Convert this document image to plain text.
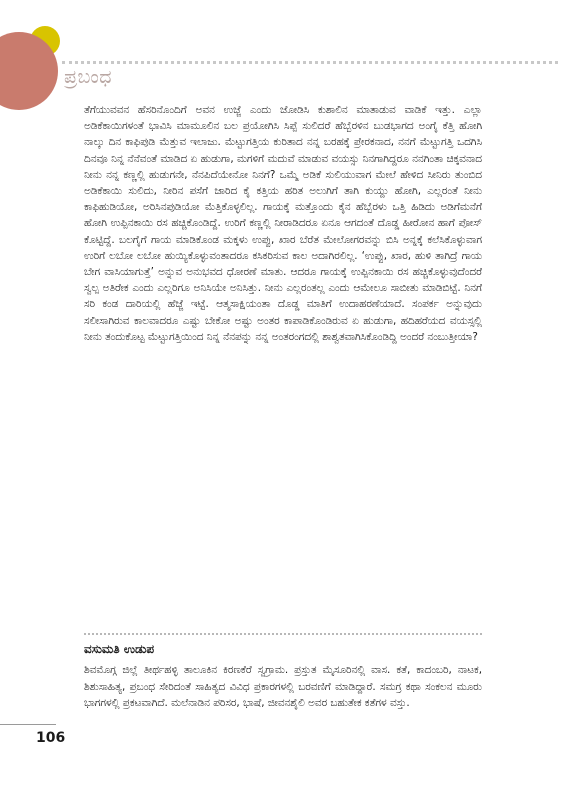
ಪ್ರಬಂಧ
ತೆಗೆಯುವವನ ಹೆಸರಿನೊಂದಿಗೆ ಅವನ ಉಜ್ಜೆ ಎಂದು ಜೋಡಿಸಿ ಕುಶಾಲಿನ ಮಾತಾಡುವ ವಾಡಿಕೆ ಇತ್ತು. ಎಲ್ಲಾ ಅಡಿಕೆಕಾಯಿಗಳಂತೆ ಭಾವಿಸಿ ಮಾಮೂಲಿನ ಬಲ ಪ್ರಯೋಗಿಸಿ ಸಿಪ್ಪೆ ಸುಲಿದರೆ ಹೆಬ್ಬೆರಳಿನ ಬುಡಭಾಗದ ಅಂಗೈ ಕೆತ್ತಿ ಹೋಗಿ ನಾಲ್ಕು ದಿನ ಕಾಫಿಪುಡಿ ಮೆತ್ತುವ ಇಲಾಜು. ಮೆಟ್ಟುಗತ್ತಿಯ ಕುರಿತಾದ ನನ್ನ ಬರಹಕ್ಕೆ ಪ್ರೇರಕನಾದ, ನನಗೆ ಮೆಟ್ಟುಗತ್ತಿ ಒದಗಿಸಿ ದಿನವೂ ನಿನ್ನ ನೆನೆವಂತೆ ಮಾಡಿದ ಏ ಹುಡುಗಾ, ಮಗಳಿಗೆ ಮದುವೆ ಮಾಡುವ ವಯಸ್ಸು ನಿನಗಾಗಿದ್ದರೂ ನನಗಿಂತಾ ಚಿಕ್ಕವನಾದ ನೀನು ನನ್ನ ಕಣ್ಣಲ್ಲಿ ಹುಡುಗನೇ, ನೆನಪಿದೆಯೇನೋ ನಿನಗೆ? ಒಮ್ಮೆ ಅಡಿಕೆ ಸುಲಿಯುವಾಗ ಮೇಲೆ ಹೇಳಿದ ಸೀನಿರು ತುಂಬಿದ ಅಡಿಕೆಕಾಯಿ ಸುಲಿದು, ನೀರಿನ ಪಸೆಗೆ ಜಾರಿದ ಕೈ ಕತ್ತಿಯ ಹರಿತ ಅಲುಗಿಗೆ ತಾಗಿ ಕುಯ್ದು ಹೋಗಿ, ಎಲ್ಲರಂತೆ ನೀನು ಕಾಫಿಹುಡಿಯೋ, ಅರಿಸಿನಪುಡಿಯೋ ಮೆತ್ತಿಕೊಳ್ಳಲಿಲ್ಲ. ಗಾಯಕ್ಕೆ ಮತ್ತೊಂದು ಕೈನ ಹೆಬ್ಬೆರಳು ಒತ್ತಿ ಹಿಡಿದು ಅಡಿಗೆಮನೆಗೆ ಹೋಗಿ ಉಪ್ಪಿನಕಾಯಿ ರಸ ಹಚ್ಚಿಕೊಂಡಿದ್ದೆ. ಉರಿಗೆ ಕಣ್ಣಲ್ಲಿ ನೀರಾಡಿದರೂ ಏನೂ ಆಗದಂತೆ ದೊಡ್ಡ ಹೀರೋನ ಹಾಗೆ ಪೋಸ್ ಕೊಟ್ಟಿದ್ದೆ. ಬಲಗೈಗೆ ಗಾಯ ಮಾಡಿಕೊಂಡ ಮಕ್ಕಳು ಉಪ್ಪು, ಖಾರ ಬೆರೆತ ಮೇಲೋಗರವನ್ನು ಬಿಸಿ ಅನ್ನಕ್ಕೆ ಕಲೆಸಿಕೊಳ್ಳುವಾಗ ಉರಿಗೆ ಲಬೋ ಲಬೋ ಹುಯ್ಯಿಕೊಳ್ಳುವಂತಾದರೂ ಕಸಿಕರಿಸುವ ಕಾಲ ಅದಾಗಿರಲಿಲ್ಲ. ‘ಉಪ್ಪು, ಖಾರ, ಹುಳಿ ತಾಗಿದ್ರೆ ಗಾಯ ಬೇಗ ವಾಸಿಯಾಗುತ್ತೆ’ ಅನ್ನುವ ಅನುಭವದ ಧೋರಣೆ ಮಾತು. ಆದರೂ ಗಾಯಕ್ಕೆ ಉಪ್ಪಿನಕಾಯಿ ರಸ ಹಚ್ಚಿಕೊಳ್ಳುವುದೆಂದರೆ ಸ್ವಲ್ಪ ಅತಿರೇಕ ಎಂದು ಎಲ್ಲರಿಗೂ ಅನಿಸಿಯೇ ಅನಿಸಿತ್ತು. ನೀನು ಎಲ್ಲರಂತಲ್ಲ ಎಂದು ಆಮೇಲೂ ಸಾಬೀತು ಮಾಡಿಬಿಟ್ಟೆ. ನಿನಗೆ ಸರಿ ಕಂಡ ದಾರಿಯಲ್ಲಿ ಹೆಜ್ಜೆ ಇಟ್ಟೆ. ಆತ್ಮಸಾಕ್ಷಿಯಂತಾ ದೊಡ್ಡ ಮಾತಿಗೆ ಉದಾಹರಣೆಯಾದೆ. ಸಂಪರ್ಕ ಅನ್ನುವುದು ಸಲೀಸಾಗಿರುವ ಕಾಲವಾದರೂ ಎಷ್ಟು ಬೇಕೋ ಅಷ್ಟು ಅಂತರ ಕಾಪಾಡಿಕೊಂಡಿರುವ ಏ ಹುಡುಗಾ, ಹದಿಹರೆಯದ ವಯಸ್ಸಲ್ಲಿ ನೀನು ತಂದುಕೊಟ್ಟ ಮೆಟ್ಟುಗತ್ತಿಯಿಂದ ನಿನ್ನ ನೆನಪನ್ನು ನನ್ನ ಅಂತರಂಗದಲ್ಲಿ ಶಾಶ್ವತವಾಗಿಸಿಕೊಂಡಿದ್ದಿ ಅಂದರೆ ನಂಬುತ್ತೀಯಾ?
ವಸುಮತಿ ಉಡುಪ
ಶಿವಮೊಗ್ಗ ಜಿಲ್ಲೆ ತೀರ್ಥಹಳ್ಳಿ ತಾಲೂಕಿನ ಕಿರಣಕೆರೆ ಸ್ವಗ್ರಾಮ. ಪ್ರಸ್ತುತ ಮೈಸೂರಿನಲ್ಲಿ ವಾಸ. ಕತೆ, ಕಾದಂಬರಿ, ನಾಟಕ, ಶಿಶುಸಾಹಿತ್ಯ, ಪ್ರಬಂಧ ಸೇರಿದಂತೆ ಸಾಹಿತ್ಯದ ವಿವಿಧ ಪ್ರಕಾರಗಳಲ್ಲಿ ಬರವಣಿಗೆ ಮಾಡಿದ್ದಾರೆ. ಸಮಗ್ರ ಕಥಾ ಸಂಕಲನ ಮೂರು ಭಾಗಗಳಲ್ಲಿ ಪ್ರಕಟವಾಗಿದೆ. ಮಲೆನಾಡಿನ ಪರಿಸರ, ಭಾಷೆ, ಜೀವನಶೈಲಿ ಅವರ ಬಹುತೇಕ ಕತೆಗಳ ವಸ್ತು.
106
